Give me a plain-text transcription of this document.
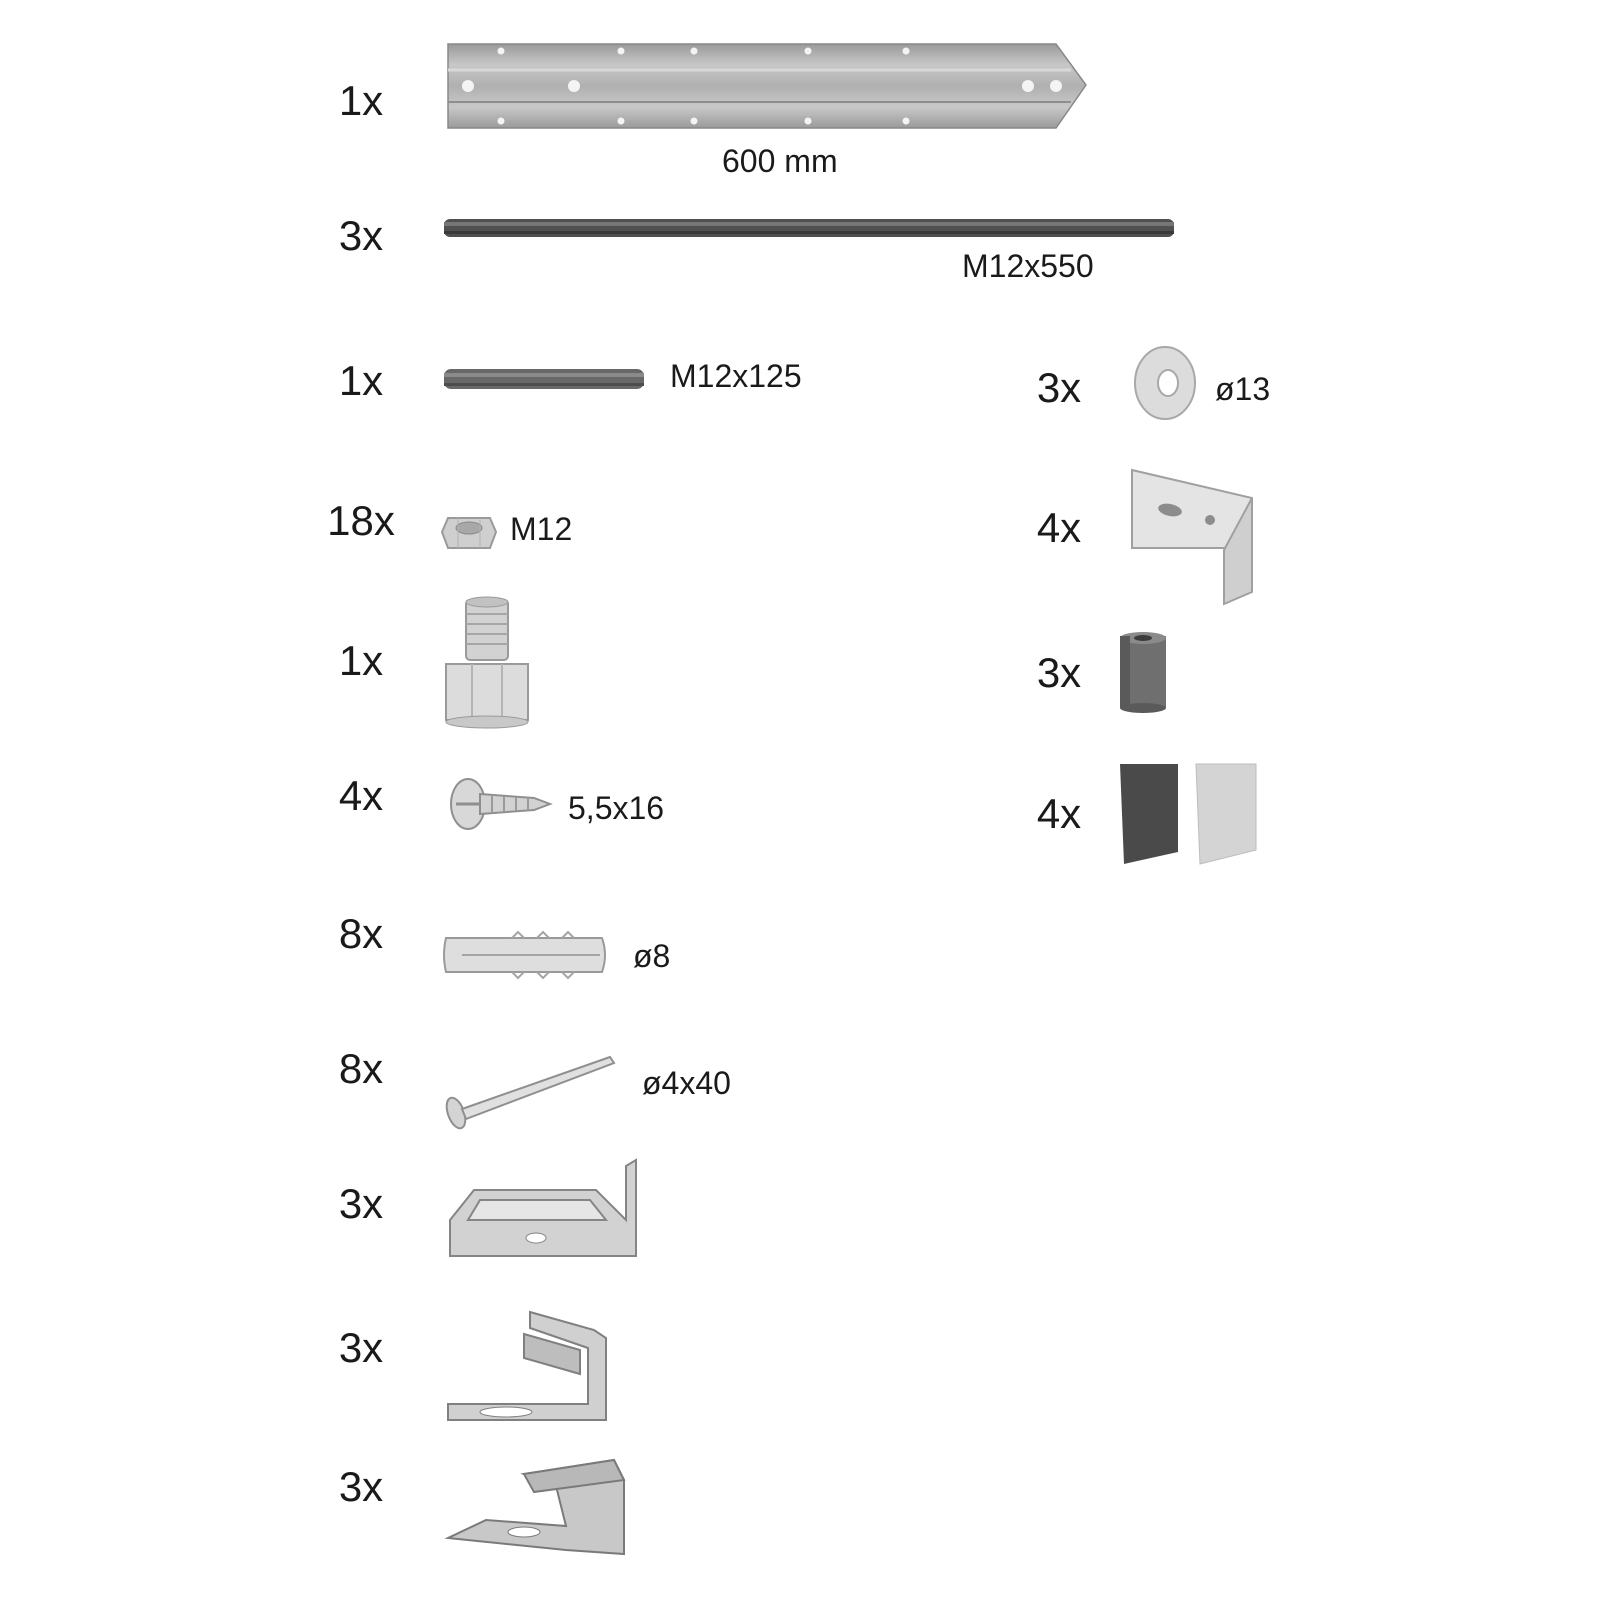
1x
3x
1x
18x
1x
4x
8x
8x
3x
3x
3x
600 mm
M12x550
M12x125
M12
5,5x16
ø8
ø4x40
3x
4x
3x
4x
ø13
